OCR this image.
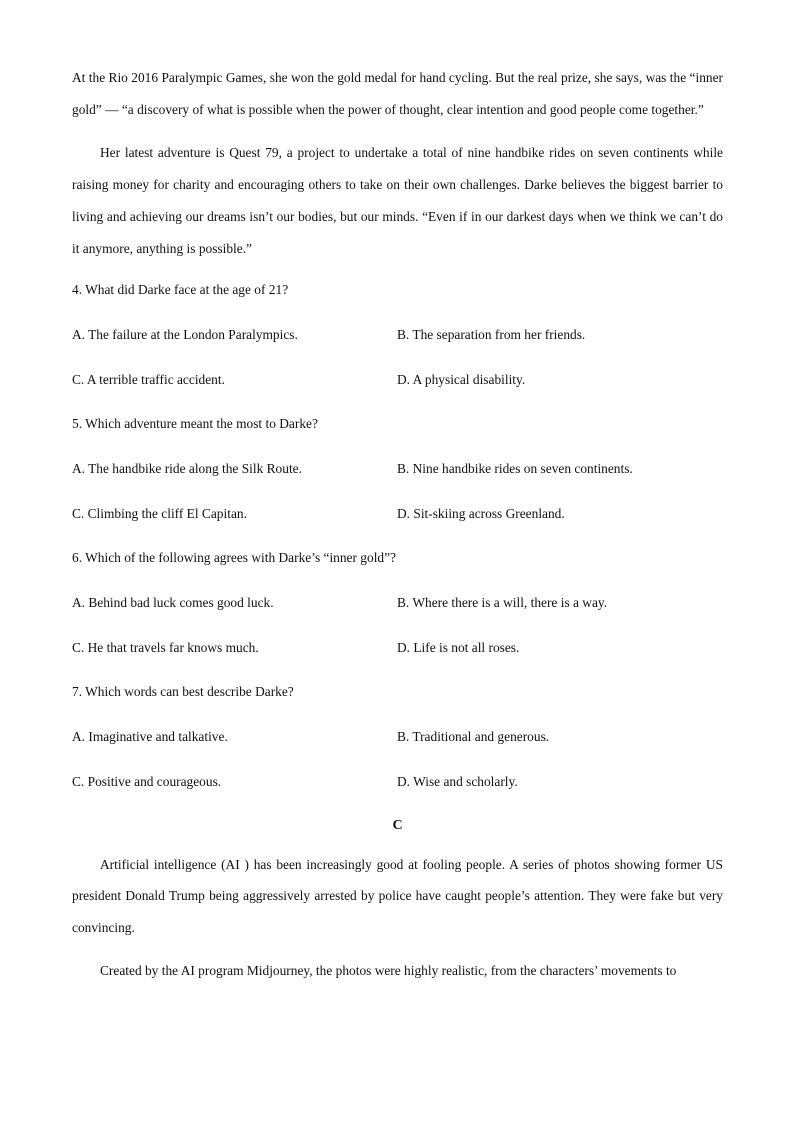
At the Rio 2016 Paralympic Games, she won the gold medal for hand cycling. But the real prize, she says, was the “inner gold” — “a discovery of what is possible when the power of thought, clear intention and good people come together.”

Her latest adventure is Quest 79, a project to undertake a total of nine handbike rides on seven continents while raising money for charity and encouraging others to take on their own challenges. Darke believes the biggest barrier to living and achieving our dreams isn’t our bodies, but our minds. “Even if in our darkest days when we think we can’t do it anymore, anything is possible.”

4. What did Darke face at the age of 21?

A. The failure at the London Paralympics.	B. The separation from her friends.
C. A terrible traffic accident.	D. A physical disability.

5. Which adventure meant the most to Darke?

A. The handbike ride along the Silk Route.	B. Nine handbike rides on seven continents.
C. Climbing the cliff El Capitan.	D. Sit-skiing across Greenland.

6. Which of the following agrees with Darke’s “inner gold”?

A. Behind bad luck comes good luck.	B. Where there is a will, there is a way.
C. He that travels far knows much.	D. Life is not all roses.

7. Which words can best describe Darke?

A. Imaginative and talkative.	B. Traditional and generous.
C. Positive and courageous.	D. Wise and scholarly.

C

Artificial intelligence (AI ) has been increasingly good at fooling people. A series of photos showing former US president Donald Trump being aggressively arrested by police have caught people’s attention. They were fake but very convincing.

Created by the AI program Midjourney, the photos were highly realistic, from the characters’ movements to
